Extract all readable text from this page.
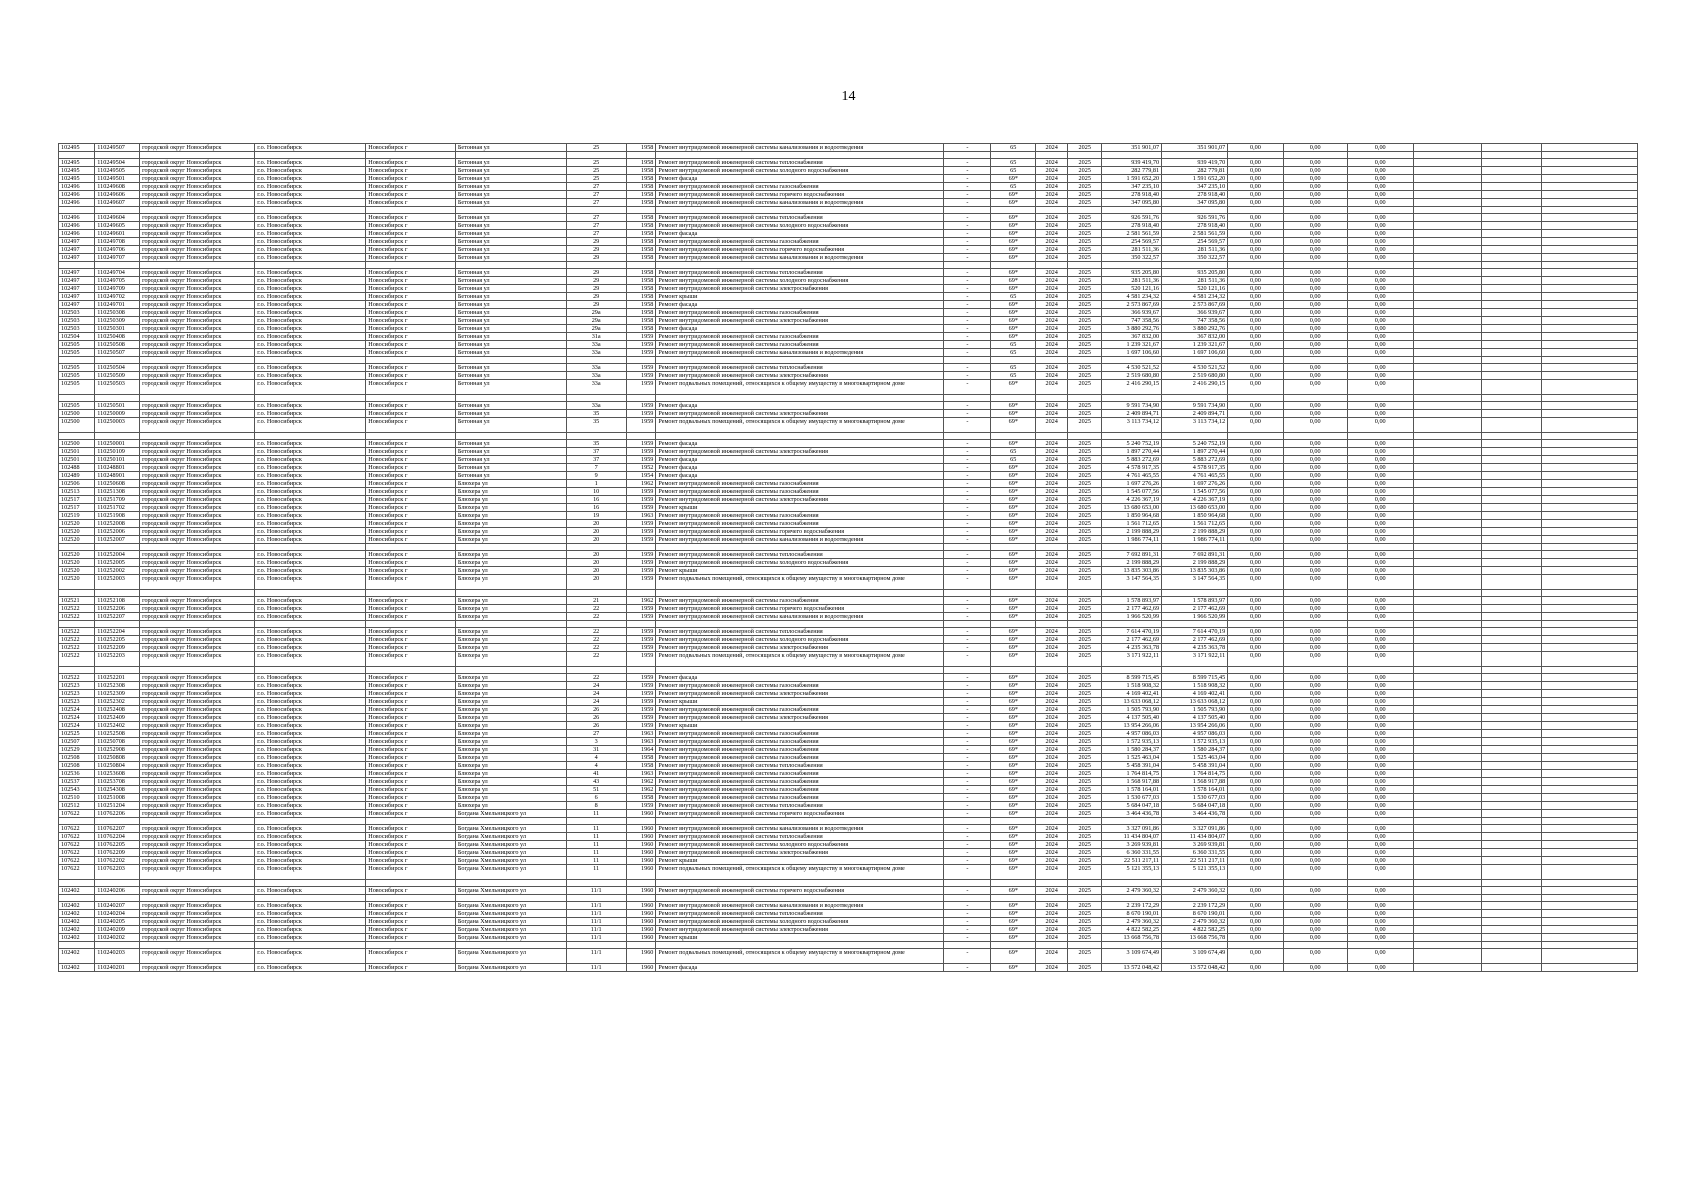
14
102495	110249507	городской округ Новосибирск	г.о. Новосибирск	Новосибирск г	Бетонная ул	25	1958	Ремонт внутридомовой инженерной системы канализования и водоотведения	-	65	2024	2025	351 901,07	351 901,07	0,00	0,00	0,00			

102495	110249504	городской округ Новосибирск	г.о. Новосибирск	Новосибирск г	Бетонная ул	25	1958	Ремонт внутридомовой инженерной системы теплоснабжения	-	65	2024	2025	939 419,70	939 419,70	0,00	0,00	0,00			
102495	110249505	городской округ Новосибирск	г.о. Новосибирск	Новосибирск г	Бетонная ул	25	1958	Ремонт внутридомовой инженерной системы холодного водоснабжения	-	65	2024	2025	282 779,81	282 779,81	0,00	0,00	0,00			
102495	110249501	городской округ Новосибирск	г.о. Новосибирск	Новосибирск г	Бетонная ул	25	1958	Ремонт фасада	-	69*	2024	2025	1 591 652,20	1 591 652,20	0,00	0,00	0,00			
102496	110249608	городской округ Новосибирск	г.о. Новосибирск	Новосибирск г	Бетонная ул	27	1958	Ремонт внутридомовой инженерной системы газоснабжения	-	65	2024	2025	347 235,10	347 235,10	0,00	0,00	0,00			
102496	110249606	городской округ Новосибирск	г.о. Новосибирск	Новосибирск г	Бетонная ул	27	1958	Ремонт внутридомовой инженерной системы горячего водоснабжения	-	69*	2024	2025	278 918,40	278 918,40	0,00	0,00	0,00			
102496	110249607	городской округ Новосибирск	г.о. Новосибирск	Новосибирск г	Бетонная ул	27	1958	Ремонт внутридомовой инженерной системы канализования и водоотведения	-	69*	2024	2025	347 095,80	347 095,80	0,00	0,00	0,00			

102496	110249604	городской округ Новосибирск	г.о. Новосибирск	Новосибирск г	Бетонная ул	27	1958	Ремонт внутридомовой инженерной системы теплоснабжения	-	69*	2024	2025	926 591,76	926 591,76	0,00	0,00	0,00			
102496	110249605	городской округ Новосибирск	г.о. Новосибирск	Новосибирск г	Бетонная ул	27	1958	Ремонт внутридомовой инженерной системы холодного водоснабжения	-	69*	2024	2025	278 918,40	278 918,40	0,00	0,00	0,00			
102496	110249601	городской округ Новосибирск	г.о. Новосибирск	Новосибирск г	Бетонная ул	27	1958	Ремонт фасада	-	69*	2024	2025	2 581 561,59	2 581 561,59	0,00	0,00	0,00			
102497	110249708	городской округ Новосибирск	г.о. Новосибирск	Новосибирск г	Бетонная ул	29	1958	Ремонт внутридомовой инженерной системы газоснабжения	-	69*	2024	2025	254 569,57	254 569,57	0,00	0,00	0,00			
102497	110249706	городской округ Новосибирск	г.о. Новосибирск	Новосибирск г	Бетонная ул	29	1958	Ремонт внутридомовой инженерной системы горячего водоснабжения	-	69*	2024	2025	281 511,36	281 511,36	0,00	0,00	0,00			
102497	110249707	городской округ Новосибирск	г.о. Новосибирск	Новосибирск г	Бетонная ул	29	1958	Ремонт внутридомовой инженерной системы канализования и водоотведения	-	69*	2024	2025	350 322,57	350 322,57	0,00	0,00	0,00			

102497	110249704	городской округ Новосибирск	г.о. Новосибирск	Новосибирск г	Бетонная ул	29	1958	Ремонт внутридомовой инженерной системы теплоснабжения	-	69*	2024	2025	935 205,80	935 205,80	0,00	0,00	0,00			
102497	110249705	городской округ Новосибирск	г.о. Новосибирск	Новосибирск г	Бетонная ул	29	1958	Ремонт внутридомовой инженерной системы холодного водоснабжения	-	69*	2024	2025	281 511,36	281 511,36	0,00	0,00	0,00			
102497	110249709	городской округ Новосибирск	г.о. Новосибирск	Новосибирск г	Бетонная ул	29	1958	Ремонт внутридомовой инженерной системы электроснабжения	-	69*	2024	2025	520 121,16	520 121,16	0,00	0,00	0,00			
102497	110249702	городской округ Новосибирск	г.о. Новосибирск	Новосибирск г	Бетонная ул	29	1958	Ремонт крыши	-	65	2024	2025	4 581 234,32	4 581 234,32	0,00	0,00	0,00			
102497	110249701	городской округ Новосибирск	г.о. Новосибирск	Новосибирск г	Бетонная ул	29	1958	Ремонт фасада	-	69*	2024	2025	2 573 867,69	2 573 867,69	0,00	0,00	0,00			
102503	110250308	городской округ Новосибирск	г.о. Новосибирск	Новосибирск г	Бетонная ул	29а	1958	Ремонт внутридомовой инженерной системы газоснабжения	-	69*	2024	2025	366 939,67	366 939,67	0,00	0,00	0,00			
102503	110250309	городской округ Новосибирск	г.о. Новосибирск	Новосибирск г	Бетонная ул	29а	1958	Ремонт внутридомовой инженерной системы электроснабжения	-	69*	2024	2025	747 358,56	747 358,56	0,00	0,00	0,00			
102503	110250301	городской округ Новосибирск	г.о. Новосибирск	Новосибирск г	Бетонная ул	29а	1958	Ремонт фасада	-	69*	2024	2025	3 880 292,76	3 880 292,76	0,00	0,00	0,00			
102504	110250408	городской округ Новосибирск	г.о. Новосибирск	Новосибирск г	Бетонная ул	31а	1959	Ремонт внутридомовой инженерной системы газоснабжения	-	69*	2024	2025	367 832,00	367 832,00	0,00	0,00	0,00			
102505	110250508	городской округ Новосибирск	г.о. Новосибирск	Новосибирск г	Бетонная ул	33а	1959	Ремонт внутридомовой инженерной системы газоснабжения	-	65	2024	2025	1 239 321,67	1 239 321,67	0,00	0,00	0,00			
102505	110250507	городской округ Новосибирск	г.о. Новосибирск	Новосибирск г	Бетонная ул	33а	1959	Ремонт внутридомовой инженерной системы канализования и водоотведения	-	65	2024	2025	1 697 106,60	1 697 106,60	0,00	0,00	0,00			

102505	110250504	городской округ Новосибирск	г.о. Новосибирск	Новосибирск г	Бетонная ул	33а	1959	Ремонт внутридомовой инженерной системы теплоснабжения	-	65	2024	2025	4 530 521,52	4 530 521,52	0,00	0,00	0,00			
102505	110250509	городской округ Новосибирск	г.о. Новосибирск	Новосибирск г	Бетонная ул	33а	1959	Ремонт внутридомовой инженерной системы электроснабжения	-	65	2024	2025	2 519 680,80	2 519 680,80	0,00	0,00	0,00			
102505	110250503	городской округ Новосибирск	г.о. Новосибирск	Новосибирск г	Бетонная ул	33а	1959	Ремонт подвальных помещений, относящихся к общему имуществу в многоквартирном доме	-	69*	2024	2025	2 416 290,15	2 416 290,15	0,00	0,00	0,00			

102505	110250501	городской округ Новосибирск	г.о. Новосибирск	Новосибирск г	Бетонная ул	33а	1959	Ремонт фасада	-	69*	2024	2025	9 591 734,90	9 591 734,90	0,00	0,00	0,00			
102500	110250009	городской округ Новосибирск	г.о. Новосибирск	Новосибирск г	Бетонная ул	35	1959	Ремонт внутридомовой инженерной системы электроснабжения	-	69*	2024	2025	2 409 894,71	2 409 894,71	0,00	0,00	0,00			
102500	110250003	городской округ Новосибирск	г.о. Новосибирск	Новосибирск г	Бетонная ул	35	1959	Ремонт подвальных помещений, относящихся к общему имуществу в многоквартирном доме	-	69*	2024	2025	3 113 734,12	3 113 734,12	0,00	0,00	0,00			

102500	110250001	городской округ Новосибирск	г.о. Новосибирск	Новосибирск г	Бетонная ул	35	1959	Ремонт фасада	-	69*	2024	2025	5 240 752,19	5 240 752,19	0,00	0,00	0,00			
102501	110250109	городской округ Новосибирск	г.о. Новосибирск	Новосибирск г	Бетонная ул	37	1959	Ремонт внутридомовой инженерной системы электроснабжения	-	65	2024	2025	1 897 270,44	1 897 270,44	0,00	0,00	0,00			
102501	110250101	городской округ Новосибирск	г.о. Новосибирск	Новосибирск г	Бетонная ул	37	1959	Ремонт фасада	-	65	2024	2025	5 883 272,69	5 883 272,69	0,00	0,00	0,00			
102488	110248801	городской округ Новосибирск	г.о. Новосибирск	Новосибирск г	Бетонная ул	7	1952	Ремонт фасада	-	69*	2024	2025	4 578 917,35	4 578 917,35	0,00	0,00	0,00			
102489	110248901	городской округ Новосибирск	г.о. Новосибирск	Новосибирск г	Бетонная ул	9	1954	Ремонт фасада	-	69*	2024	2025	4 761 465,55	4 761 465,55	0,00	0,00	0,00			
102506	110250608	городской округ Новосибирск	г.о. Новосибирск	Новосибирск г	Блюхера ул	1	1962	Ремонт внутридомовой инженерной системы газоснабжения	-	69*	2024	2025	1 697 276,26	1 697 276,26	0,00	0,00	0,00			
102513	110251308	городской округ Новосибирск	г.о. Новосибирск	Новосибирск г	Блюхера ул	10	1959	Ремонт внутридомовой инженерной системы газоснабжения	-	69*	2024	2025	1 545 077,56	1 545 077,56	0,00	0,00	0,00			
102517	110251709	городской округ Новосибирск	г.о. Новосибирск	Новосибирск г	Блюхера ул	16	1959	Ремонт внутридомовой инженерной системы электроснабжения	-	69*	2024	2025	4 226 367,19	4 226 367,19	0,00	0,00	0,00			
102517	110251702	городской округ Новосибирск	г.о. Новосибирск	Новосибирск г	Блюхера ул	16	1959	Ремонт крыши	-	69*	2024	2025	13 680 653,00	13 680 653,00	0,00	0,00	0,00			
102519	110251908	городской округ Новосибирск	г.о. Новосибирск	Новосибирск г	Блюхера ул	19	1963	Ремонт внутридомовой инженерной системы газоснабжения	-	69*	2024	2025	1 850 964,68	1 850 964,68	0,00	0,00	0,00			
102520	110252008	городской округ Новосибирск	г.о. Новосибирск	Новосибирск г	Блюхера ул	20	1959	Ремонт внутридомовой инженерной системы газоснабжения	-	69*	2024	2025	1 561 712,65	1 561 712,65	0,00	0,00	0,00			
102520	110252006	городской округ Новосибирск	г.о. Новосибирск	Новосибирск г	Блюхера ул	20	1959	Ремонт внутридомовой инженерной системы горячего водоснабжения	-	69*	2024	2025	2 199 888,29	2 199 888,29	0,00	0,00	0,00			
102520	110252007	городской округ Новосибирск	г.о. Новосибирск	Новосибирск г	Блюхера ул	20	1959	Ремонт внутридомовой инженерной системы канализования и водоотведения	-	69*	2024	2025	1 986 774,11	1 986 774,11	0,00	0,00	0,00			

102520	110252004	городской округ Новосибирск	г.о. Новосибирск	Новосибирск г	Блюхера ул	20	1959	Ремонт внутридомовой инженерной системы теплоснабжения	-	69*	2024	2025	7 692 891,31	7 692 891,31	0,00	0,00	0,00			
102520	110252005	городской округ Новосибирск	г.о. Новосибирск	Новосибирск г	Блюхера ул	20	1959	Ремонт внутридомовой инженерной системы холодного водоснабжения	-	69*	2024	2025	2 199 888,29	2 199 888,29	0,00	0,00	0,00			
102520	110252002	городской округ Новосибирск	г.о. Новосибирск	Новосибирск г	Блюхера ул	20	1959	Ремонт крыши	-	69*	2024	2025	13 835 303,86	13 835 303,86	0,00	0,00	0,00			
102520	110252003	городской округ Новосибирск	г.о. Новосибирск	Новосибирск г	Блюхера ул	20	1959	Ремонт подвальных помещений, относящихся к общему имуществу в многоквартирном доме	-	69*	2024	2025	3 147 564,35	3 147 564,35	0,00	0,00	0,00			

102521	110252108	городской округ Новосибирск	г.о. Новосибирск	Новосибирск г	Блюхера ул	21	1962	Ремонт внутридомовой инженерной системы газоснабжения	-	69*	2024	2025	1 578 893,97	1 578 893,97	0,00	0,00	0,00			
102522	110252206	городской округ Новосибирск	г.о. Новосибирск	Новосибирск г	Блюхера ул	22	1959	Ремонт внутридомовой инженерной системы горячего водоснабжения	-	69*	2024	2025	2 177 462,69	2 177 462,69	0,00	0,00	0,00			
102522	110252207	городской округ Новосибирск	г.о. Новосибирск	Новосибирск г	Блюхера ул	22	1959	Ремонт внутридомовой инженерной системы канализования и водоотведения	-	69*	2024	2025	1 966 520,99	1 966 520,99	0,00	0,00	0,00			

102522	110252204	городской округ Новосибирск	г.о. Новосибирск	Новосибирск г	Блюхера ул	22	1959	Ремонт внутридомовой инженерной системы теплоснабжения	-	69*	2024	2025	7 614 470,19	7 614 470,19	0,00	0,00	0,00			
102522	110252205	городской округ Новосибирск	г.о. Новосибирск	Новосибирск г	Блюхера ул	22	1959	Ремонт внутридомовой инженерной системы холодного водоснабжения	-	69*	2024	2025	2 177 462,69	2 177 462,69	0,00	0,00	0,00			
102522	110252209	городской округ Новосибирск	г.о. Новосибирск	Новосибирск г	Блюхера ул	22	1959	Ремонт внутридомовой инженерной системы электроснабжения	-	69*	2024	2025	4 235 363,78	4 235 363,78	0,00	0,00	0,00			
102522	110252203	городской округ Новосибирск	г.о. Новосибирск	Новосибирск г	Блюхера ул	22	1959	Ремонт подвальных помещений, относящихся к общему имуществу в многоквартирном доме	-	69*	2024	2025	3 171 922,11	3 171 922,11	0,00	0,00	0,00			

102522	110252201	городской округ Новосибирск	г.о. Новосибирск	Новосибирск г	Блюхера ул	22	1959	Ремонт фасада	-	69*	2024	2025	8 599 715,45	8 599 715,45	0,00	0,00	0,00			
102523	110252308	городской округ Новосибирск	г.о. Новосибирск	Новосибирск г	Блюхера ул	24	1959	Ремонт внутридомовой инженерной системы газоснабжения	-	69*	2024	2025	1 518 908,32	1 518 908,32	0,00	0,00	0,00			
102523	110252309	городской округ Новосибирск	г.о. Новосибирск	Новосибирск г	Блюхера ул	24	1959	Ремонт внутридомовой инженерной системы электроснабжения	-	69*	2024	2025	4 169 402,41	4 169 402,41	0,00	0,00	0,00			
102523	110252302	городской округ Новосибирск	г.о. Новосибирск	Новосибирск г	Блюхера ул	24	1959	Ремонт крыши	-	69*	2024	2025	13 633 068,12	13 633 068,12	0,00	0,00	0,00			
102524	110252408	городской округ Новосибирск	г.о. Новосибирск	Новосибирск г	Блюхера ул	26	1959	Ремонт внутридомовой инженерной системы газоснабжения	-	69*	2024	2025	1 505 793,90	1 505 793,90	0,00	0,00	0,00			
102524	110252409	городской округ Новосибирск	г.о. Новосибирск	Новосибирск г	Блюхера ул	26	1959	Ремонт внутридомовой инженерной системы электроснабжения	-	69*	2024	2025	4 137 505,40	4 137 505,40	0,00	0,00	0,00			
102524	110252402	городской округ Новосибирск	г.о. Новосибирск	Новосибирск г	Блюхера ул	26	1959	Ремонт крыши	-	69*	2024	2025	13 954 266,06	13 954 266,06	0,00	0,00	0,00			
102525	110252508	городской округ Новосибирск	г.о. Новосибирск	Новосибирск г	Блюхера ул	27	1963	Ремонт внутридомовой инженерной системы газоснабжения	-	69*	2024	2025	4 957 086,03	4 957 086,03	0,00	0,00	0,00			
102507	110250708	городской округ Новосибирск	г.о. Новосибирск	Новосибирск г	Блюхера ул	3	1963	Ремонт внутридомовой инженерной системы газоснабжения	-	69*	2024	2025	1 572 935,13	1 572 935,13	0,00	0,00	0,00			
102529	110252908	городской округ Новосибирск	г.о. Новосибирск	Новосибирск г	Блюхера ул	31	1964	Ремонт внутридомовой инженерной системы газоснабжения	-	69*	2024	2025	1 580 284,37	1 580 284,37	0,00	0,00	0,00			
102508	110250808	городской округ Новосибирск	г.о. Новосибирск	Новосибирск г	Блюхера ул	4	1958	Ремонт внутридомовой инженерной системы газоснабжения	-	69*	2024	2025	1 525 463,04	1 525 463,04	0,00	0,00	0,00			
102508	110250804	городской округ Новосибирск	г.о. Новосибирск	Новосибирск г	Блюхера ул	4	1958	Ремонт внутридомовой инженерной системы теплоснабжения	-	69*	2024	2025	5 458 391,04	5 458 391,04	0,00	0,00	0,00			
102536	110253608	городской округ Новосибирск	г.о. Новосибирск	Новосибирск г	Блюхера ул	41	1963	Ремонт внутридомовой инженерной системы газоснабжения	-	69*	2024	2025	1 764 814,75	1 764 814,75	0,00	0,00	0,00			
102537	110253708	городской округ Новосибирск	г.о. Новосибирск	Новосибирск г	Блюхера ул	43	1962	Ремонт внутридомовой инженерной системы газоснабжения	-	69*	2024	2025	1 568 917,88	1 568 917,88	0,00	0,00	0,00			
102543	110254308	городской округ Новосибирск	г.о. Новосибирск	Новосибирск г	Блюхера ул	51	1962	Ремонт внутридомовой инженерной системы газоснабжения	-	69*	2024	2025	1 578 164,01	1 578 164,01	0,00	0,00	0,00			
102510	110251008	городской округ Новосибирск	г.о. Новосибирск	Новосибирск г	Блюхера ул	6	1958	Ремонт внутридомовой инженерной системы газоснабжения	-	69*	2024	2025	1 530 677,03	1 530 677,03	0,00	0,00	0,00			
102512	110251204	городской округ Новосибирск	г.о. Новосибирск	Новосибирск г	Блюхера ул	8	1959	Ремонт внутридомовой инженерной системы теплоснабжения	-	69*	2024	2025	5 684 047,18	5 684 047,18	0,00	0,00	0,00			
107622	110762206	городской округ Новосибирск	г.о. Новосибирск	Новосибирск г	Богдана Хмельницкого ул	11	1960	Ремонт внутридомовой инженерной системы горячего водоснабжения	-	69*	2024	2025	3 464 436,78	3 464 436,78	0,00	0,00	0,00			

107622	110762207	городской округ Новосибирск	г.о. Новосибирск	Новосибирск г	Богдана Хмельницкого ул	11	1960	Ремонт внутридомовой инженерной системы канализования и водоотведения	-	69*	2024	2025	3 327 091,86	3 327 091,86	0,00	0,00	0,00			
107622	110762204	городской округ Новосибирск	г.о. Новосибирск	Новосибирск г	Богдана Хмельницкого ул	11	1960	Ремонт внутридомовой инженерной системы теплоснабжения	-	69*	2024	2025	11 434 804,07	11 434 804,07	0,00	0,00	0,00			
107622	110762205	городской округ Новосибирск	г.о. Новосибирск	Новосибирск г	Богдана Хмельницкого ул	11	1960	Ремонт внутридомовой инженерной системы холодного водоснабжения	-	69*	2024	2025	3 269 939,81	3 269 939,81	0,00	0,00	0,00			
107622	110762209	городской округ Новосибирск	г.о. Новосибирск	Новосибирск г	Богдана Хмельницкого ул	11	1960	Ремонт внутридомовой инженерной системы электроснабжения	-	69*	2024	2025	6 360 331,55	6 360 331,55	0,00	0,00	0,00			
107622	110762202	городской округ Новосибирск	г.о. Новосибирск	Новосибирск г	Богдана Хмельницкого ул	11	1960	Ремонт крыши	-	69*	2024	2025	22 511 217,11	22 511 217,11	0,00	0,00	0,00			
107622	110762203	городской округ Новосибирск	г.о. Новосибирск	Новосибирск г	Богдана Хмельницкого ул	11	1960	Ремонт подвальных помещений, относящихся к общему имуществу в многоквартирном доме	-	69*	2024	2025	5 121 355,13	5 121 355,13	0,00	0,00	0,00			

102402	110240206	городской округ Новосибирск	г.о. Новосибирск	Новосибирск г	Богдана Хмельницкого ул	11/1	1960	Ремонт внутридомовой инженерной системы горячего водоснабжения	-	69*	2024	2025	2 479 360,32	2 479 360,32	0,00	0,00	0,00			

102402	110240207	городской округ Новосибирск	г.о. Новосибирск	Новосибирск г	Богдана Хмельницкого ул	11/1	1960	Ремонт внутридомовой инженерной системы канализования и водоотведения	-	69*	2024	2025	2 239 172,29	2 239 172,29	0,00	0,00	0,00			
102402	110240204	городской округ Новосибирск	г.о. Новосибирск	Новосибирск г	Богдана Хмельницкого ул	11/1	1960	Ремонт внутридомовой инженерной системы теплоснабжения	-	69*	2024	2025	8 670 190,01	8 670 190,01	0,00	0,00	0,00			
102402	110240205	городской округ Новосибирск	г.о. Новосибирск	Новосибирск г	Богдана Хмельницкого ул	11/1	1960	Ремонт внутридомовой инженерной системы холодного водоснабжения	-	69*	2024	2025	2 479 360,32	2 479 360,32	0,00	0,00	0,00			
102402	110240209	городской округ Новосибирск	г.о. Новосибирск	Новосибирск г	Богдана Хмельницкого ул	11/1	1960	Ремонт внутридомовой инженерной системы электроснабжения	-	69*	2024	2025	4 822 582,25	4 822 582,25	0,00	0,00	0,00			
102402	110240202	городской округ Новосибирск	г.о. Новосибирск	Новосибирск г	Богдана Хмельницкого ул	11/1	1960	Ремонт крыши	-	69*	2024	2025	13 668 756,78	13 668 756,78	0,00	0,00	0,00			

102402	110240203	городской округ Новосибирск	г.о. Новосибирск	Новосибирск г	Богдана Хмельницкого ул	11/1	1960	Ремонт подвальных помещений, относящихся к общему имуществу в многоквартирном доме	-	69*	2024	2025	3 109 674,49	3 109 674,49	0,00	0,00	0,00			
102402	110240201	городской округ Новосибирск	г.о. Новосибирск	Новосибирск г	Богдана Хмельницкого ул	11/1	1960	Ремонт фасада	-	69*	2024	2025	13 572 048,42	13 572 048,42	0,00	0,00	0,00			
